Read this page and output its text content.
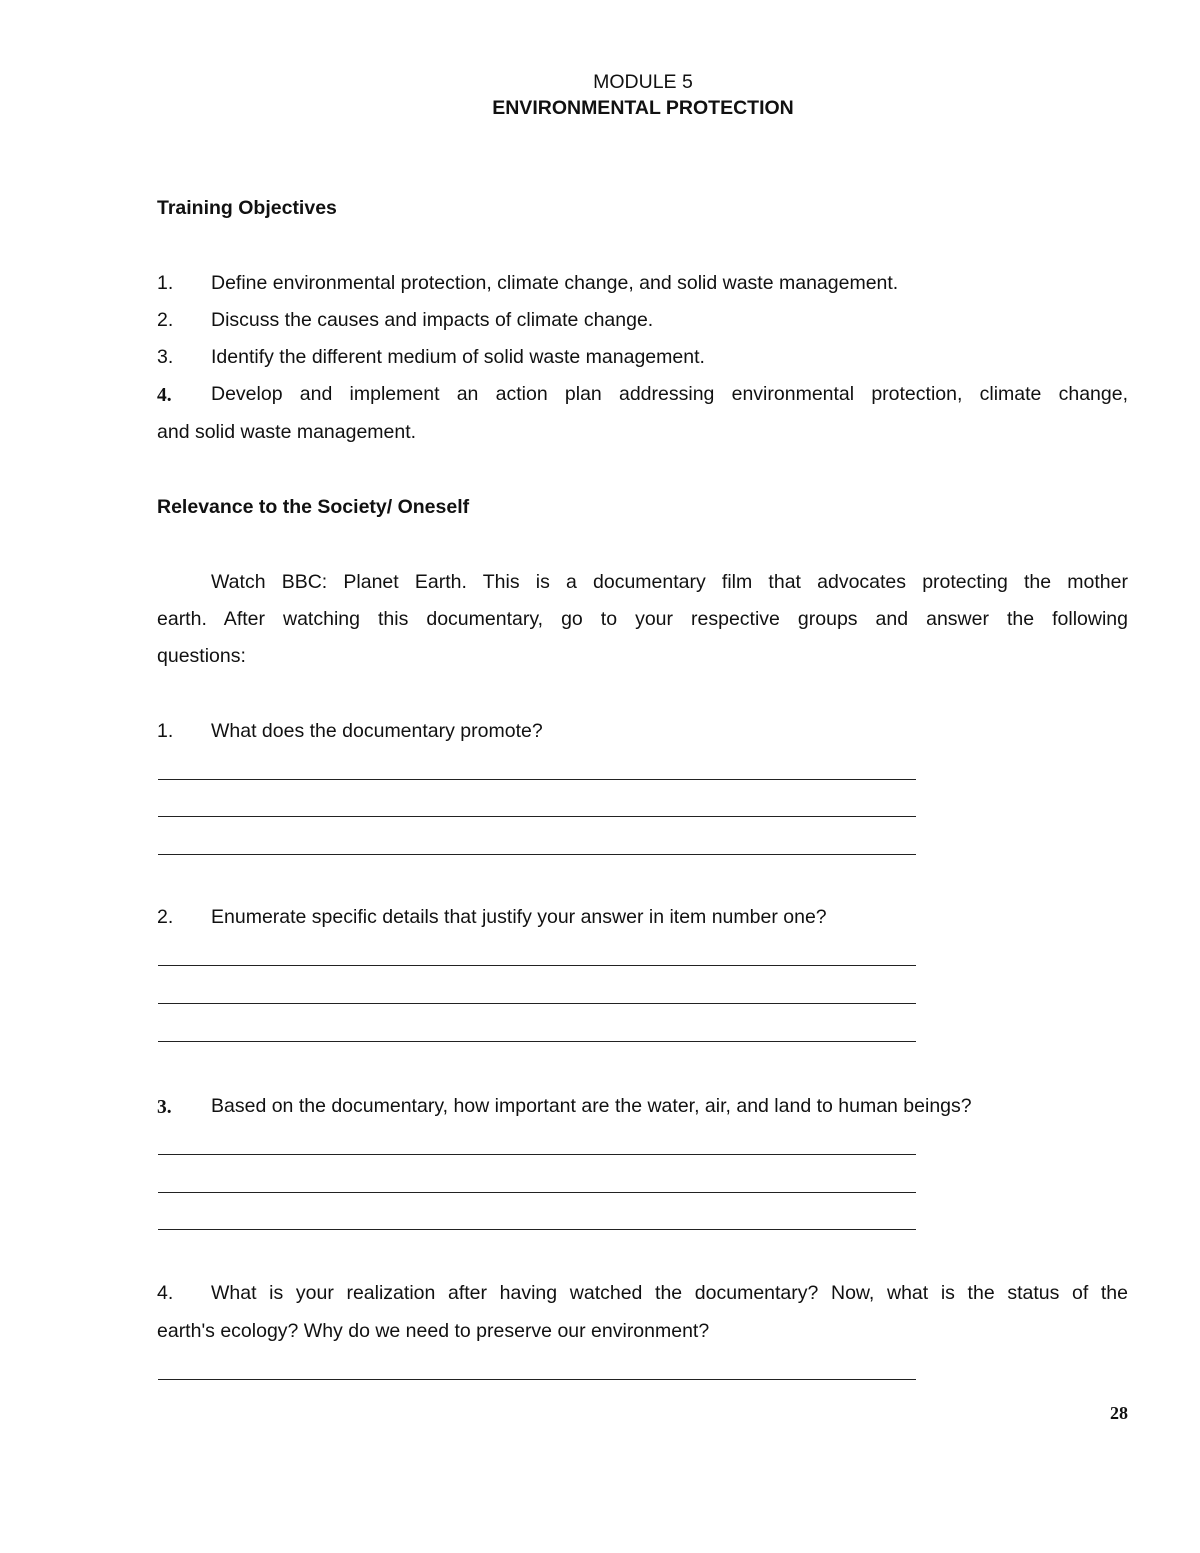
MODULE 5
ENVIRONMENTAL PROTECTION
Training Objectives
1. Define environmental protection, climate change, and solid waste management.
2. Discuss the causes and impacts of climate change.
3. Identify the different medium of solid waste management.
4. Develop and implement an action plan addressing environmental protection, climate change,
and solid waste management.
Relevance to the Society/ Oneself
Watch BBC: Planet Earth. This is a documentary film that advocates protecting the mother
earth. After watching this documentary, go to your respective groups and answer the following
questions:
1. What does the documentary promote?
2. Enumerate specific details that justify your answer in item number one?
3. Based on the documentary, how important are the water, air, and land to human beings?
4. What is your realization after having watched the documentary? Now, what is the status of the
earth's ecology? Why do we need to preserve our environment?
28
